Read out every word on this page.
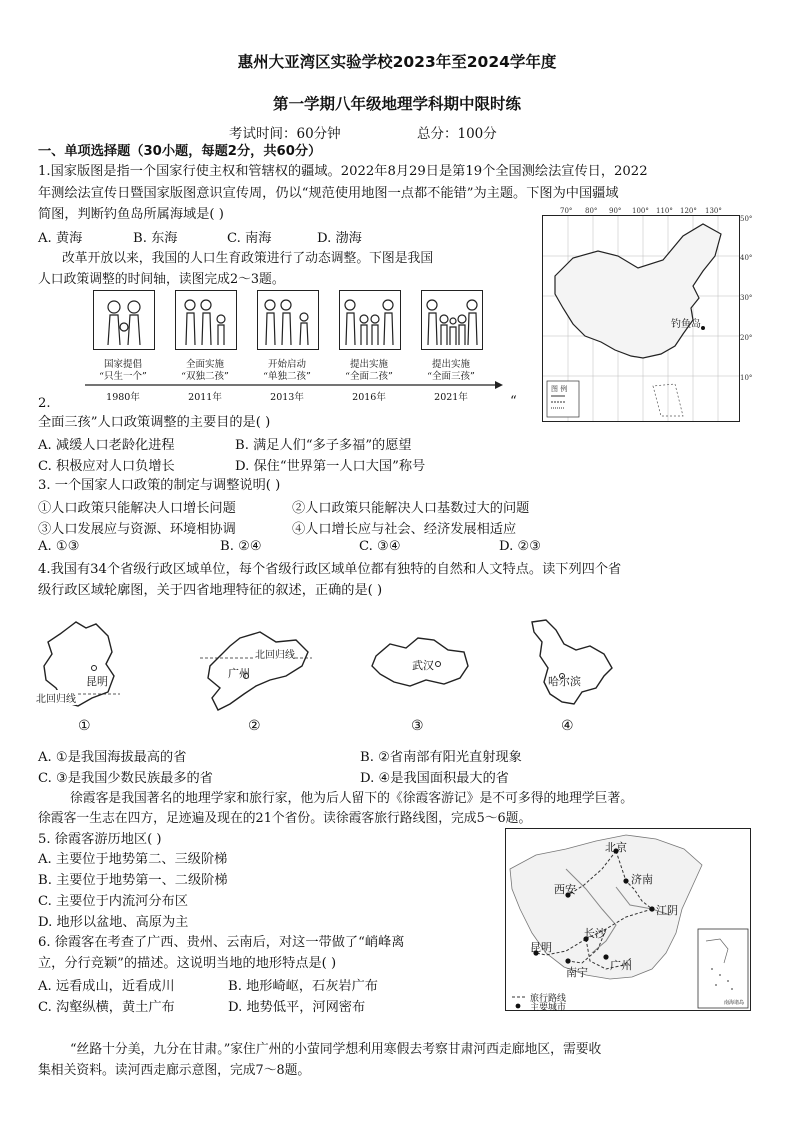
惠州大亚湾区实验学校2023年至2024学年度
第一学期八年级地理学科期中限时练
考试时间：60分钟	总分：100分
一、单项选择题（30小题，每题2分，共60分）
1.国家版图是指一个国家行使主权和管辖权的疆域。2022年8月29日是第19个全国测绘法宣传日，2022
年测绘法宣传日暨国家版图意识宣传周，仍以“规范使用地图一点都不能错”为主题。下图为中国疆域
简图，判断钓鱼岛所属海域是( )
A. 黄海	B. 东海	C. 南海	D. 渤海
图 例
钓鱼岛
70° 80° 90° 100° 110° 120° 130°
50°
40°
30°
20°
10°
改革开放以来，我国的人口生育政策进行了动态调整。下图是我国
人口政策调整的时间轴，读图完成2～3题。
国家提倡
“只生一个”
全面实施
“双独二孩”
开始启动
“单独二孩”
提出实施
“全面二孩”
提出实施
“全面三孩”
1980年	2011年	2013年	2016年	2021年
2.	“
全面三孩”人口政策调整的主要目的是( )
A. 减缓人口老龄化进程	B. 满足人们“多子多福”的愿望
C. 积极应对人口负增长	D. 保住“世界第一人口大国”称号
3. 一个国家人口政策的制定与调整说明( )
①人口政策只能解决人口增长问题	②人口政策只能解决人口基数过大的问题
③人口发展应与资源、环境相协调	④人口增长应与社会、经济发展相适应
A. ①③	B. ②④	C. ③④	D. ②③
4.我国有34个省级行政区域单位，每个省级行政区域单位都有独特的自然和人文特点。读下列四个省
级行政区域轮廓图，关于四省地理特征的叙述，正确的是( )
昆明
北回归线
①
北回归线
广州
②
武汉
③
哈尔滨
④
A. ①是我国海拔最高的省	B. ②省南部有阳光直射现象
C. ③是我国少数民族最多的省	D. ④是我国面积最大的省
徐霞客是我国著名的地理学家和旅行家，他为后人留下的《徐霞客游记》是不可多得的地理学巨著。
徐霞客一生志在四方，足迹遍及现在的21个省份。读徐霞客旅行路线图，完成5～6题。
5. 徐霞客游历地区( )
A. 主要位于地势第二、三级阶梯
B. 主要位于地势第一、二级阶梯
C. 主要位于内流河分布区
D. 地形以盆地、高原为主
6. 徐霞客在考查了广西、贵州、云南后，对这一带做了“峭峰离
立，分行竞颖”的描述。这说明当地的地形特点是( )
A. 远看成山，近看成川	B. 地形崎岖，石灰岩广布
C. 沟壑纵横，黄土广布	D. 地势低平，河网密布
北京
济南
西安
江阴
长沙
昆明
南宁
广州
旅行路线
主要城市	南海诸岛
“丝路十分美，九分在甘肃。”家住广州的小萤同学想利用寒假去考察甘肃河西走廊地区，需要收
集相关资料。读河西走廊示意图，完成7～8题。
